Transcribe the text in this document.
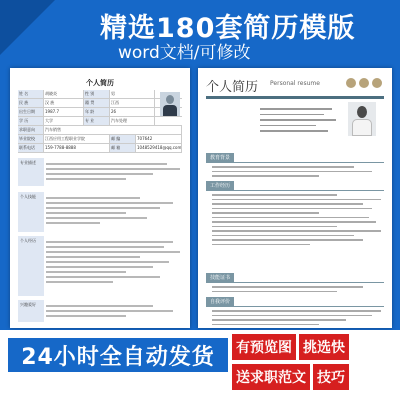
精选180套简历模版
word文档/可修改
个人简历
姓 名	胡晓炎	性 别	男
民 族	汉 族	籍 贯	江西
出生日期	1987.7	年 龄	26
学 历	大学	专 业	汽车处理
求职意向	汽车销售
毕业院校	江西应用工程职业学院	邮 编	707642
联系电话	159-7788-8888	邮 箱	1048529418@qq.com
专业描述
个人技能
个人经历
兴趣爱好
个人简历 Personal resume
教育背景
工作经历
技能证书
自我评价
24小时全自动发货	有预览图 挑选快
送求职范文 技巧
